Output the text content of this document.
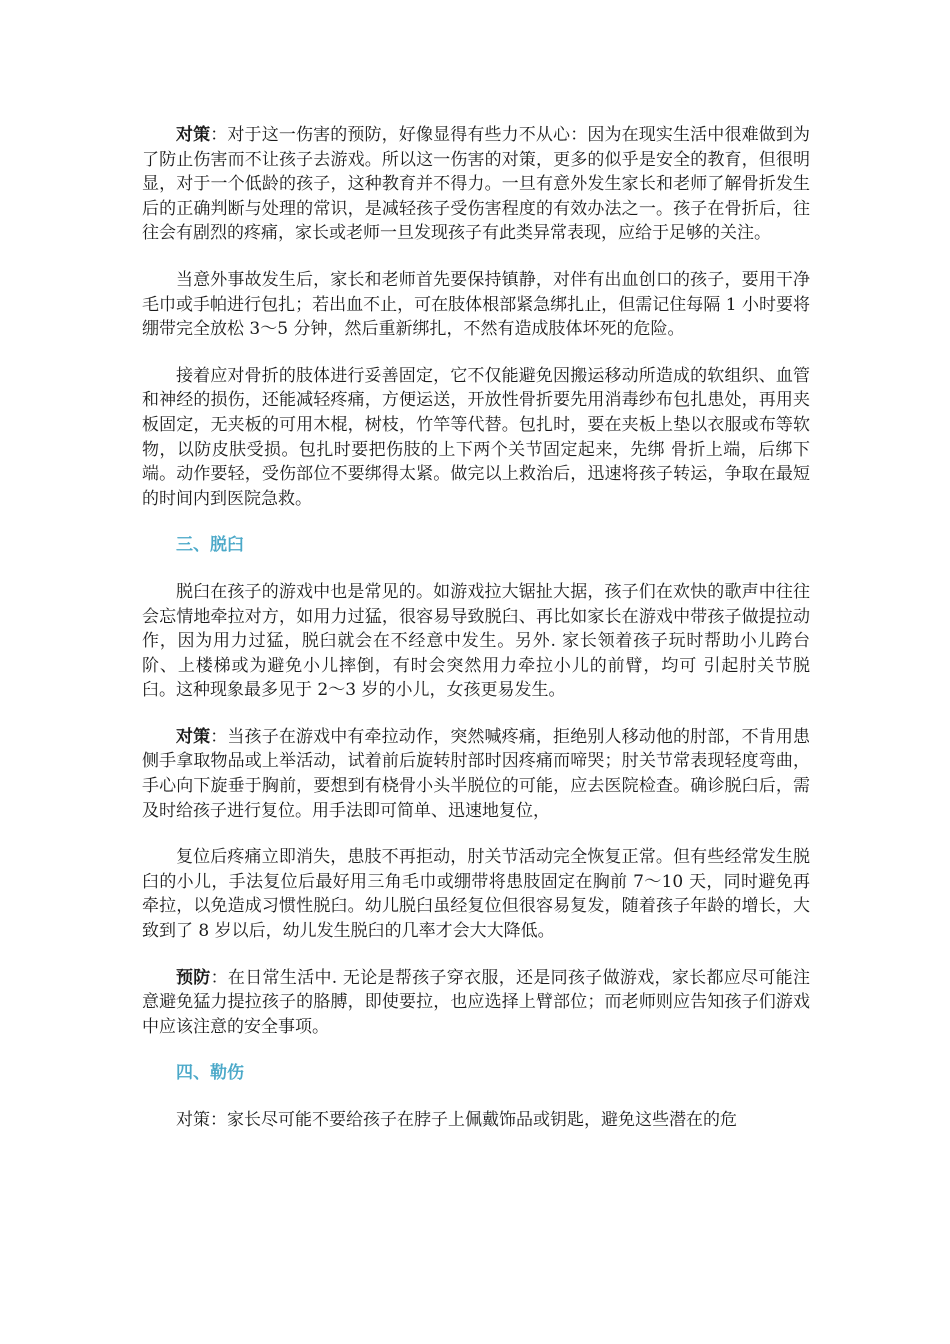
对策：对于这一伤害的预防，好像显得有些力不从心：因为在现实生活中很难做到为了防止伤害而不让孩子去游戏。所以这一伤害的对策，更多的似乎是安全的教育，但很明显，对于一个低龄的孩子，这种教育并不得力。一旦有意外发生家长和老师了解骨折发生后的正确判断与处理的常识，是减轻孩子受伤害程度的有效办法之一。孩子在骨折后，往往会有剧烈的疼痛，家长或老师一旦发现孩子有此类异常表现，应给于足够的关注。

当意外事故发生后，家长和老师首先要保持镇静，对伴有出血创口的孩子，要用干净毛巾或手帕进行包扎；若出血不止，可在肢体根部紧急绑扎止，但需记住每隔 1 小时要将绷带完全放松 3～5 分钟，然后重新绑扎，不然有造成肢体坏死的危险。

接着应对骨折的肢体进行妥善固定，它不仅能避免因搬运移动所造成的软组织、血管和神经的损伤，还能减轻疼痛，方便运送，开放性骨折要先用消毒纱布包扎患处，再用夹板固定，无夹板的可用木棍，树枝，竹竿等代替。包扎时，要在夹板上垫以衣服或布等软物，以防皮肤受损。包扎时要把伤肢的上下两个关节固定起来，先绑 骨折上端，后绑下端。动作要轻，受伤部位不要绑得太紧。做完以上救治后，迅速将孩子转运，争取在最短的时间内到医院急救。

三、脱臼

脱臼在孩子的游戏中也是常见的。如游戏拉大锯扯大据，孩子们在欢快的歌声中往往会忘情地牵拉对方，如用力过猛，很容易导致脱臼、再比如家长在游戏中带孩子做提拉动作，因为用力过猛，脱臼就会在不经意中发生。另外. 家长领着孩子玩时帮助小儿跨台阶、上楼梯或为避免小儿摔倒，有时会突然用力牵拉小儿的前臂，均可 引起肘关节脱臼。这种现象最多见于 2～3 岁的小儿，女孩更易发生。

对策：当孩子在游戏中有牵拉动作，突然喊疼痛，拒绝别人移动他的肘部，不肯用患侧手拿取物品或上举活动，试着前后旋转肘部时因疼痛而啼哭；肘关节常表现轻度弯曲，手心向下旋垂于胸前，要想到有桡骨小头半脱位的可能，应去医院检查。确诊脱臼后，需及时给孩子进行复位。用手法即可简单、迅速地复位，

复位后疼痛立即消失，患肢不再拒动，肘关节活动完全恢复正常。但有些经常发生脱臼的小儿，手法复位后最好用三角毛巾或绷带将患肢固定在胸前 7～10 天，同时避免再牵拉，以免造成习惯性脱臼。幼儿脱臼虽经复位但很容易复发，随着孩子年龄的增长，大致到了 8 岁以后，幼儿发生脱臼的几率才会大大降低。

预防：在日常生活中. 无论是帮孩子穿衣服，还是同孩子做游戏，家长都应尽可能注意避免猛力提拉孩子的胳膊，即使要拉，也应选择上臂部位；而老师则应告知孩子们游戏中应该注意的安全事项。

四、勒伤

对策：家长尽可能不要给孩子在脖子上佩戴饰品或钥匙，避免这些潜在的危
